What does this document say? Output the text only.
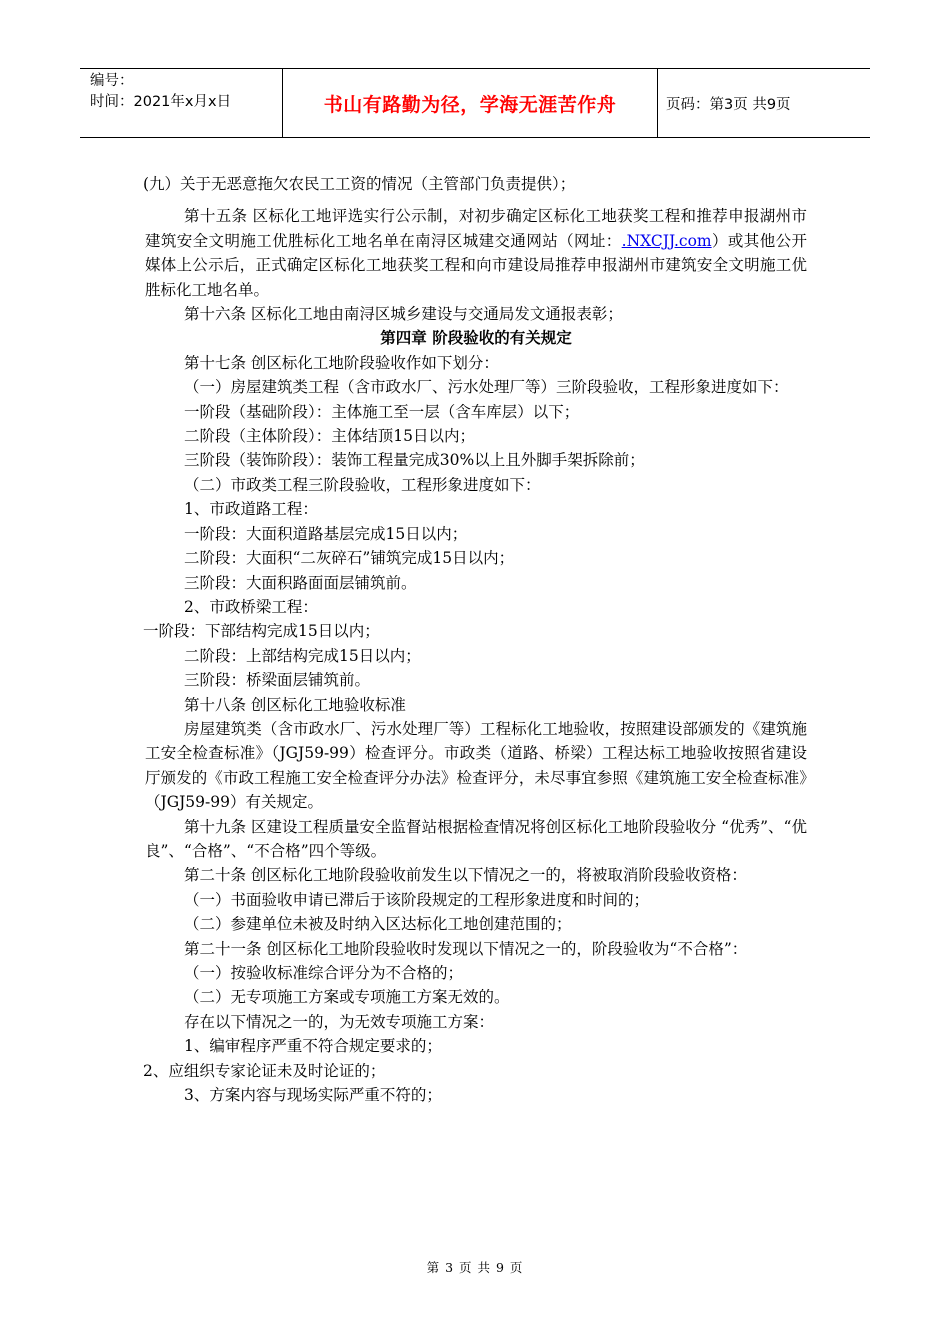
编号：
时间：2021年x月x日	书山有路勤为径，学海无涯苦作舟	页码：第3页 共9页

(九）关于无恶意拖欠农民工工资的情况（主管部门负责提供）；

第十五条 区标化工地评选实行公示制，对初步确定区标化工地获奖工程和推荐申报湖州市建筑安全文明施工优胜标化工地名单在南浔区城建交通网站（网址：.NXCJJ.com）或其他公开媒体上公示后，正式确定区标化工地获奖工程和向市建设局推荐申报湖州市建筑安全文明施工优胜标化工地名单。

第十六条 区标化工地由南浔区城乡建设与交通局发文通报表彰；

第四章 阶段验收的有关规定

第十七条 创区标化工地阶段验收作如下划分：

（一）房屋建筑类工程（含市政水厂、污水处理厂等）三阶段验收，工程形象进度如下：

一阶段（基础阶段）：主体施工至一层（含车库层）以下；

二阶段（主体阶段）：主体结顶15日以内；

三阶段（装饰阶段）：装饰工程量完成30%以上且外脚手架拆除前；

（二）市政类工程三阶段验收，工程形象进度如下：

1、市政道路工程：

一阶段：大面积道路基层完成15日以内；

二阶段：大面积“二灰碎石”铺筑完成15日以内；

三阶段：大面积路面面层铺筑前。

2、市政桥梁工程：

一阶段：下部结构完成15日以内；

二阶段：上部结构完成15日以内；

三阶段：桥梁面层铺筑前。

第十八条 创区标化工地验收标准

房屋建筑类（含市政水厂、污水处理厂等）工程标化工地验收，按照建设部颁发的《建筑施工安全检查标准》（JGJ59-99）检查评分。市政类（道路、桥梁）工程达标工地验收按照省建设厅颁发的《市政工程施工安全检查评分办法》检查评分，未尽事宜参照《建筑施工安全检查标准》（JGJ59-99）有关规定。

第十九条 区建设工程质量安全监督站根据检查情况将创区标化工地阶段验收分 “优秀”、“优良”、“合格”、“不合格”四个等级。

第二十条 创区标化工地阶段验收前发生以下情况之一的，将被取消阶段验收资格：

（一）书面验收申请已滞后于该阶段规定的工程形象进度和时间的；

（二）参建单位未被及时纳入区达标化工地创建范围的；

第二十一条 创区标化工地阶段验收时发现以下情况之一的，阶段验收为“不合格”：

（一）按验收标准综合评分为不合格的；

（二）无专项施工方案或专项施工方案无效的。

存在以下情况之一的，为无效专项施工方案：

1、编审程序严重不符合规定要求的；

2、应组织专家论证未及时论证的；

3、方案内容与现场实际严重不符的；

第 3 页 共 9 页
